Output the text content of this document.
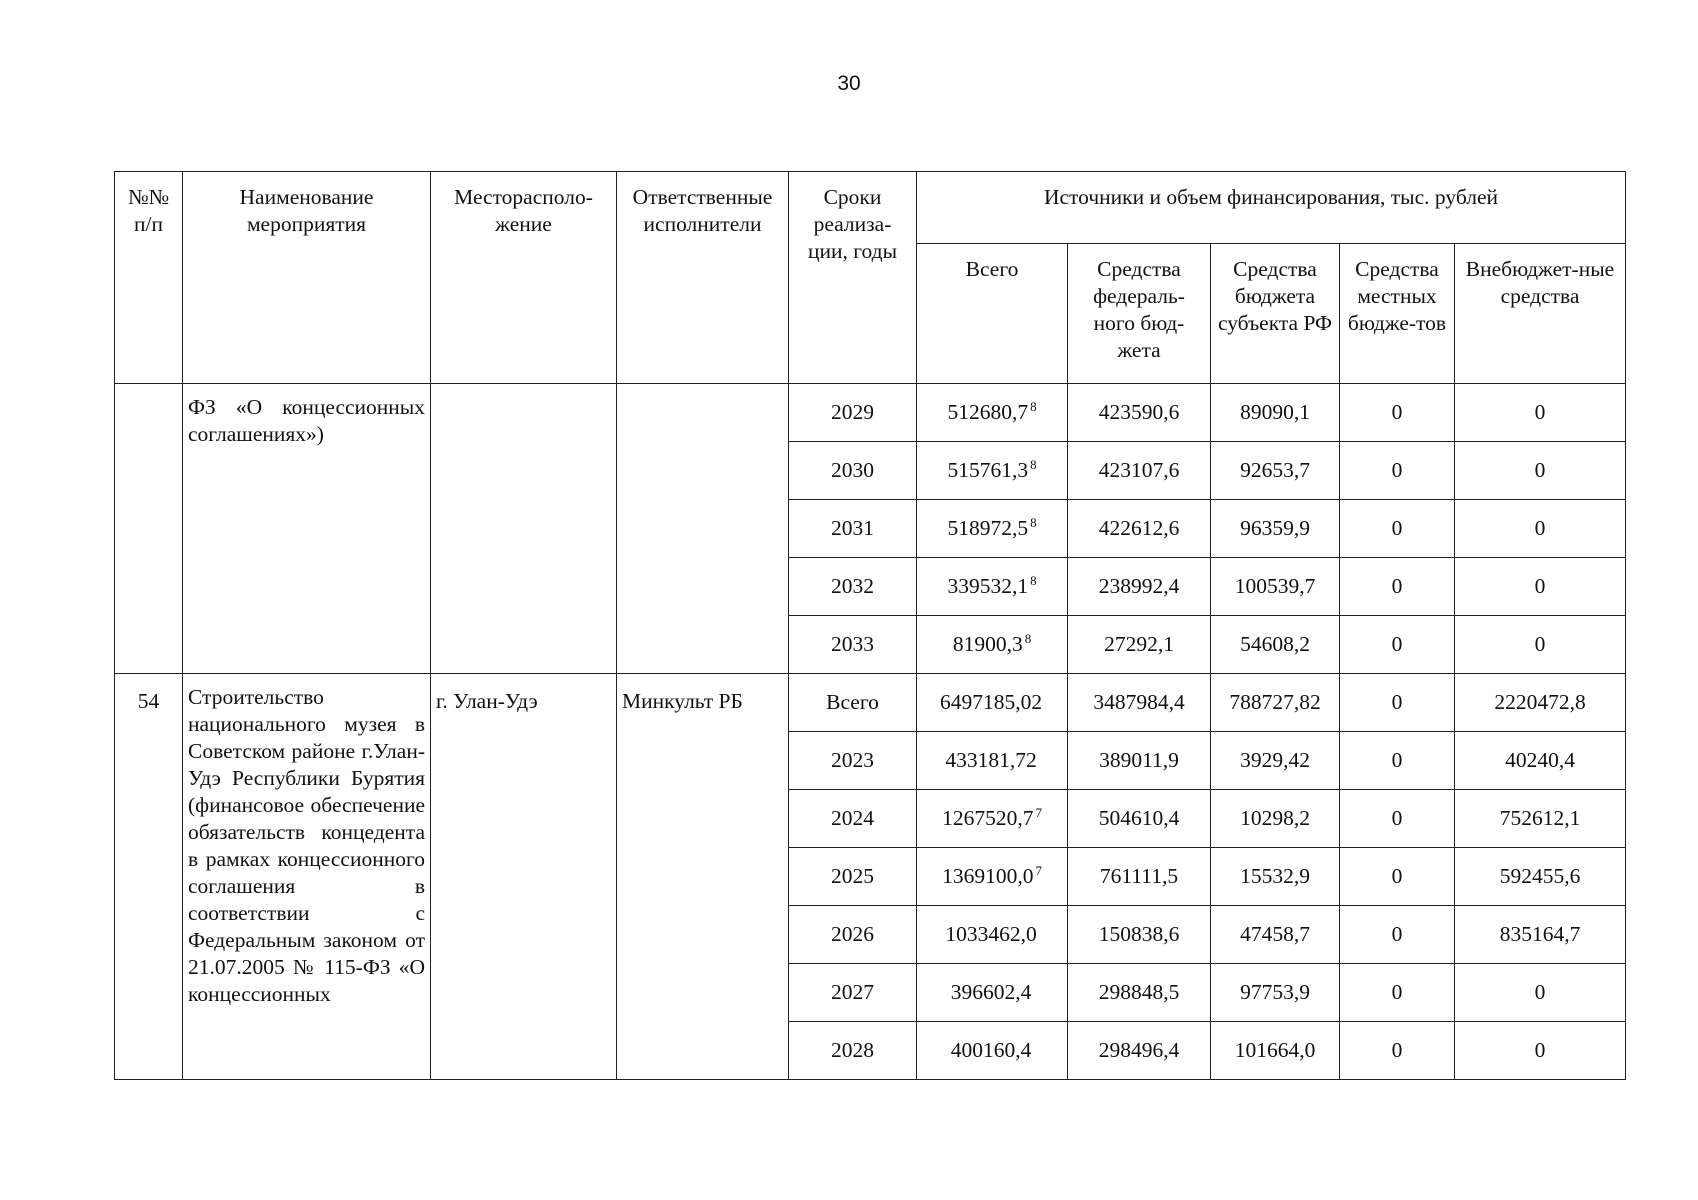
30
№№ п/п	Наименование мероприятия	Месторасполо-жение	Ответственные исполнители	Сроки реализа-ции, годы	Источники и объем финансирования, тыс. рублей				
					Всего	Средства федераль-ного бюд-жета	Средства бюджета субъекта РФ	Средства местных бюдже-тов	Внебюджет-ные средства
	ФЗ «О концессионных соглашениях»)			2029	512680,7 $^8$	423590,6	89090,1	0	0
				2030	515761,3 $^8$	423107,6	92653,7	0	0
				2031	518972,5 $^8$	422612,6	96359,9	0	0
				2032	339532,1 $^8$	238992,4	100539,7	0	0
				2033	81900,3 $^8$	27292,1	54608,2	0	0
54	Строительство национального музея в Советском районе г.Улан-Удэ Республики Бурятия (финансовое обеспечение обязательств концедента в рамках концессионного соглашения в соответствии с Федеральным законом от 21.07.2005 № 115-ФЗ «О концессионных	г. Улан-Удэ	Минкульт РБ	Всего	6497185,02	3487984,4	788727,82	0	2220472,8
				2023	433181,72	389011,9	3929,42	0	40240,4
				2024	1267520,7 $^7$	504610,4	10298,2	0	752612,1
				2025	1369100,0 $^7$	761111,5	15532,9	0	592455,6
				2026	1033462,0	150838,6	47458,7	0	835164,7
				2027	396602,4	298848,5	97753,9	0	0
				2028	400160,4	298496,4	101664,0	0	0
